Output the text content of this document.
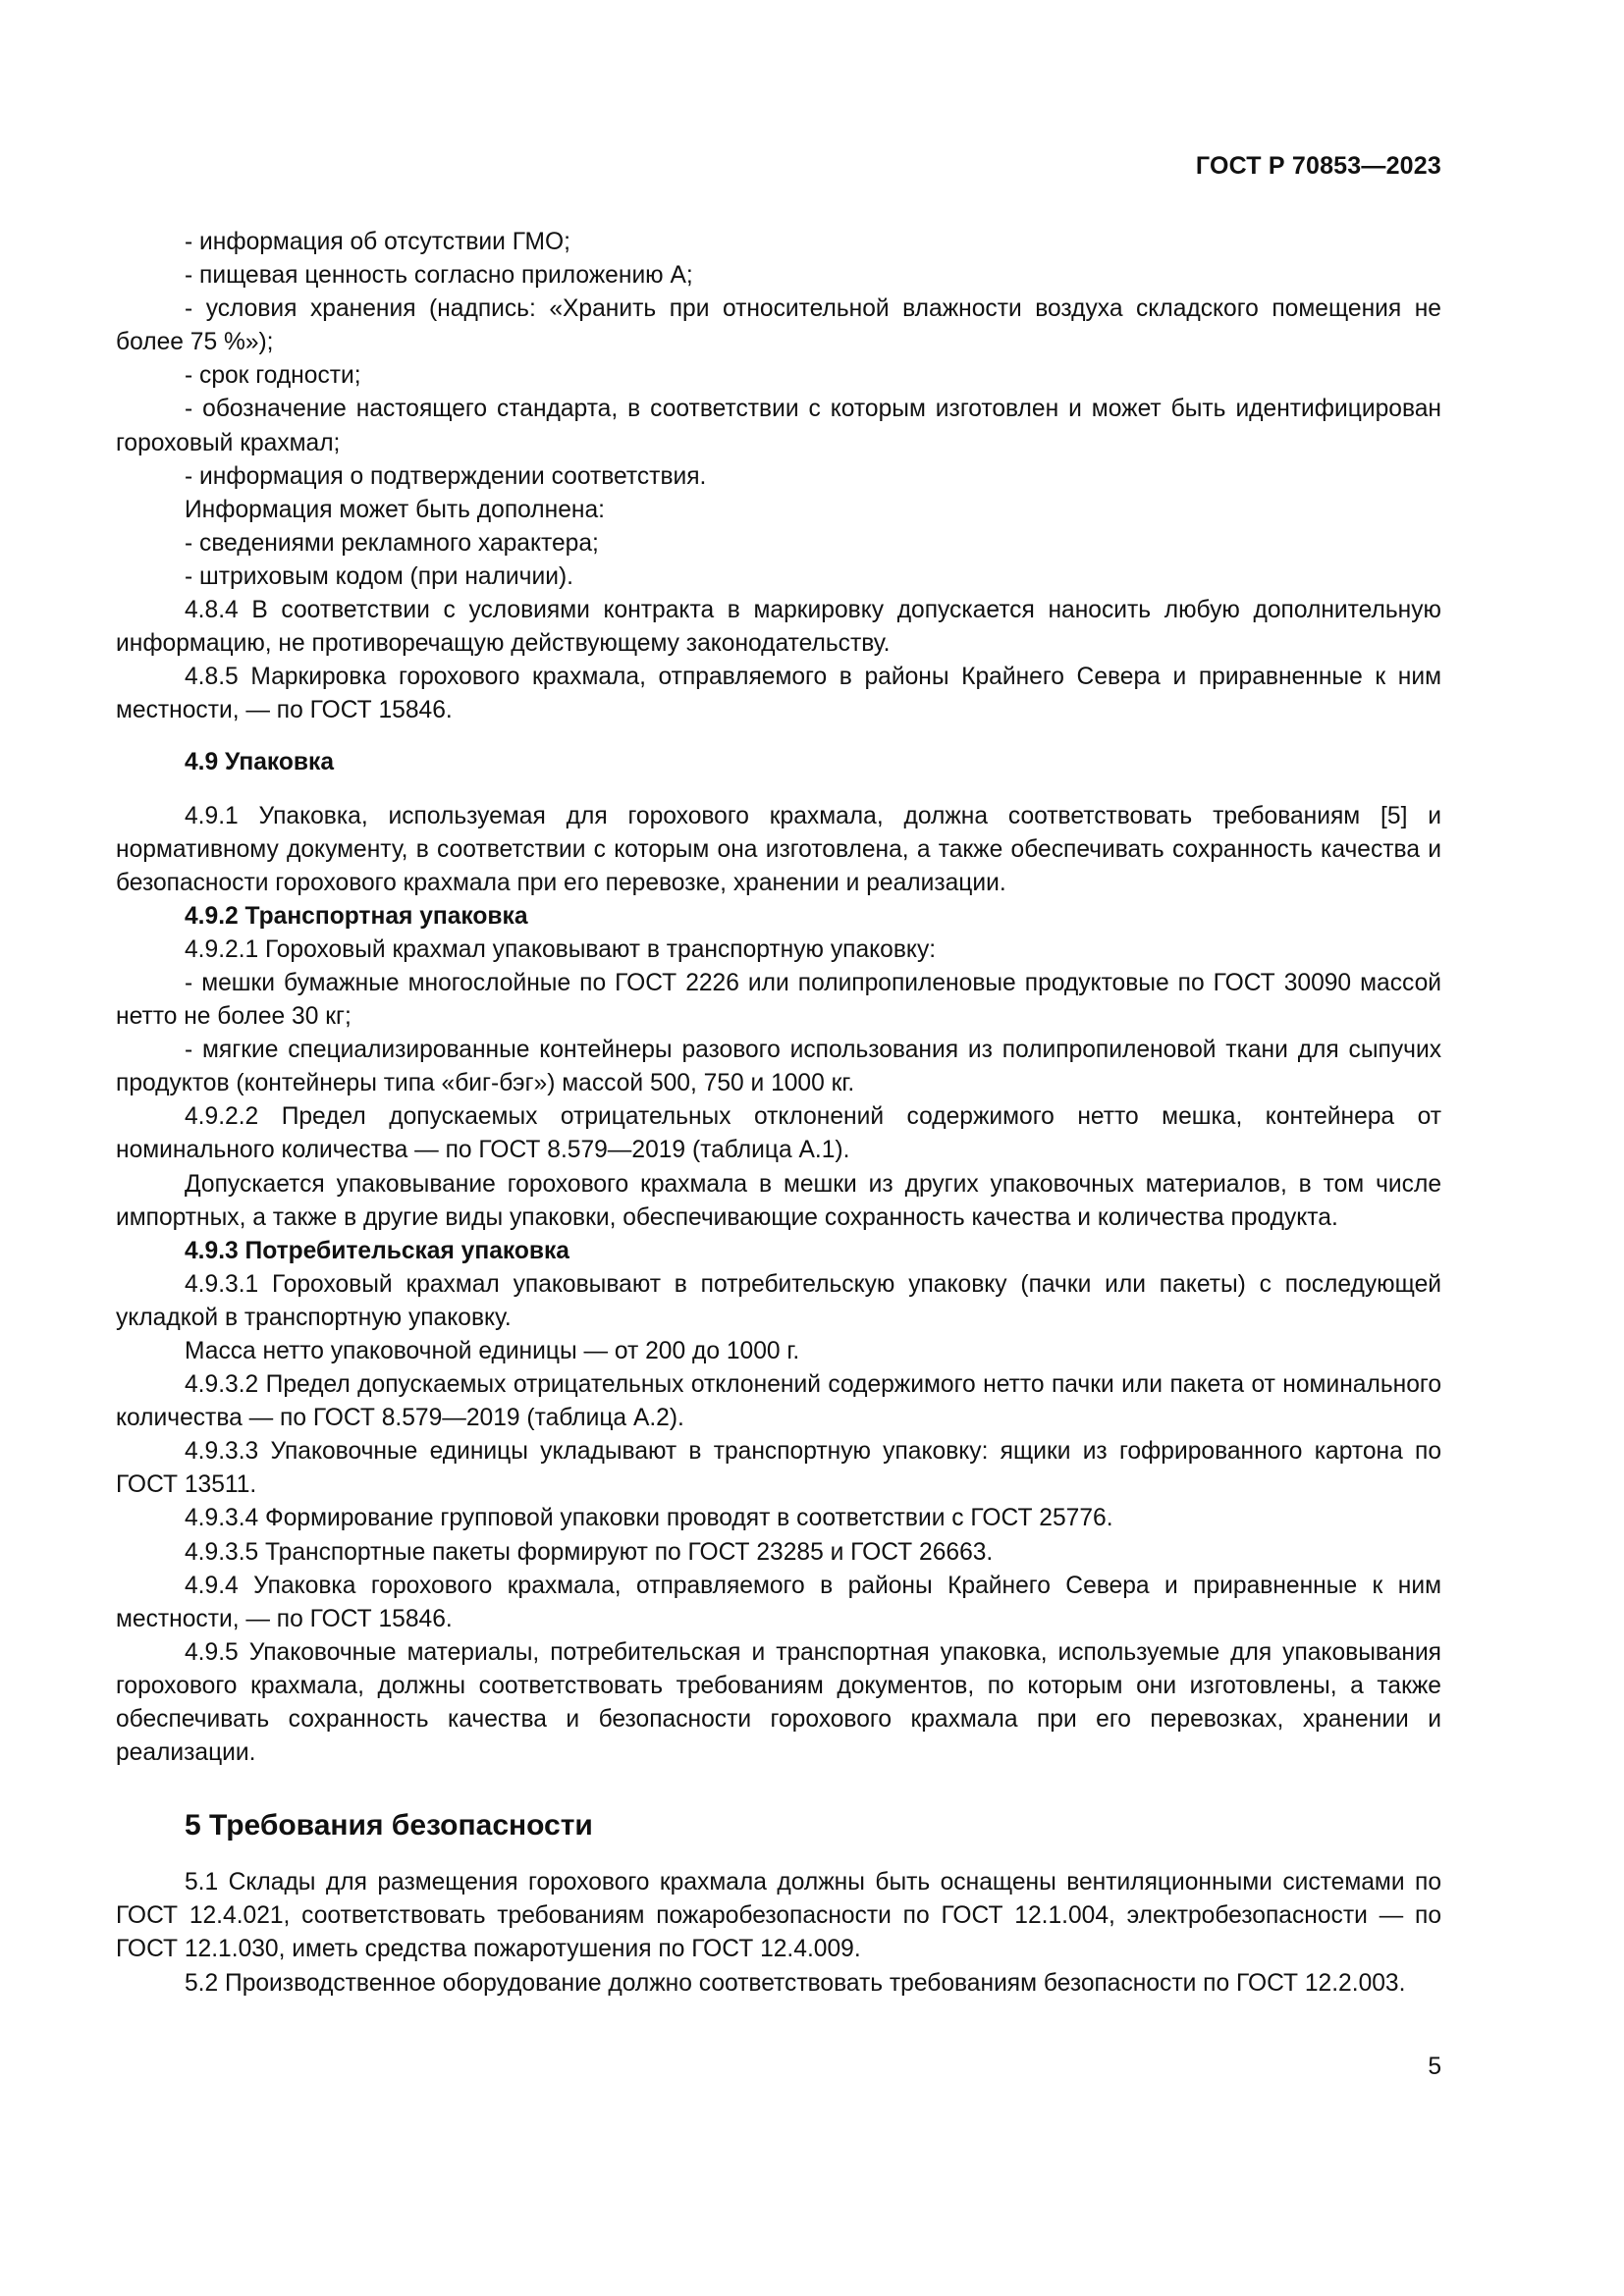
ГОСТ Р 70853—2023

- информация об отсутствии ГМО;

- пищевая ценность согласно приложению А;

- условия хранения (надпись: «Хранить при относительной влажности воздуха складского помещения не более 75 %»);

- срок годности;

- обозначение настоящего стандарта, в соответствии с которым изготовлен и может быть идентифицирован гороховый крахмал;

- информация о подтверждении соответствия.

Информация может быть дополнена:

- сведениями рекламного характера;

- штриховым кодом (при наличии).

4.8.4 В соответствии с условиями контракта в маркировку допускается наносить любую дополнительную информацию, не противоречащую действующему законодательству.

4.8.5 Маркировка горохового крахмала, отправляемого в районы Крайнего Севера и приравненные к ним местности, — по ГОСТ 15846.

4.9 Упаковка

4.9.1 Упаковка, используемая для горохового крахмала, должна соответствовать требованиям [5] и нормативному документу, в соответствии с которым она изготовлена, а также обеспечивать сохранность качества и безопасности горохового крахмала при его перевозке, хранении и реализации.

4.9.2 Транспортная упаковка

4.9.2.1 Гороховый крахмал упаковывают в транспортную упаковку:

- мешки бумажные многослойные по ГОСТ 2226 или полипропиленовые продуктовые по ГОСТ 30090 массой нетто не более 30 кг;

- мягкие специализированные контейнеры разового использования из полипропиленовой ткани для сыпучих продуктов (контейнеры типа «биг-бэг») массой 500, 750 и 1000 кг.

4.9.2.2 Предел допускаемых отрицательных отклонений содержимого нетто мешка, контейнера от номинального количества — по ГОСТ 8.579—2019 (таблица А.1).

Допускается упаковывание горохового крахмала в мешки из других упаковочных материалов, в том числе импортных, а также в другие виды упаковки, обеспечивающие сохранность качества и количества продукта.

4.9.3 Потребительская упаковка

4.9.3.1 Гороховый крахмал упаковывают в потребительскую упаковку (пачки или пакеты) с последующей укладкой в транспортную упаковку.

Масса нетто упаковочной единицы — от 200 до 1000 г.

4.9.3.2 Предел допускаемых отрицательных отклонений содержимого нетто пачки или пакета от номинального количества — по ГОСТ 8.579—2019 (таблица А.2).

4.9.3.3 Упаковочные единицы укладывают в транспортную упаковку: ящики из гофрированного картона по ГОСТ 13511.

4.9.3.4 Формирование групповой упаковки проводят в соответствии с ГОСТ 25776.

4.9.3.5 Транспортные пакеты формируют по ГОСТ 23285 и ГОСТ 26663.

4.9.4 Упаковка горохового крахмала, отправляемого в районы Крайнего Севера и приравненные к ним местности, — по ГОСТ 15846.

4.9.5 Упаковочные материалы, потребительская и транспортная упаковка, используемые для упаковывания горохового крахмала, должны соответствовать требованиям документов, по которым они изготовлены, а также обеспечивать сохранность качества и безопасности горохового крахмала при его перевозках, хранении и реализации.

5 Требования безопасности

5.1 Склады для размещения горохового крахмала должны быть оснащены вентиляционными системами по ГОСТ 12.4.021, соответствовать требованиям пожаробезопасности по ГОСТ 12.1.004, электробезопасности — по ГОСТ 12.1.030, иметь средства пожаротушения по ГОСТ 12.4.009.

5.2 Производственное оборудование должно соответствовать требованиям безопасности по ГОСТ 12.2.003.

5
